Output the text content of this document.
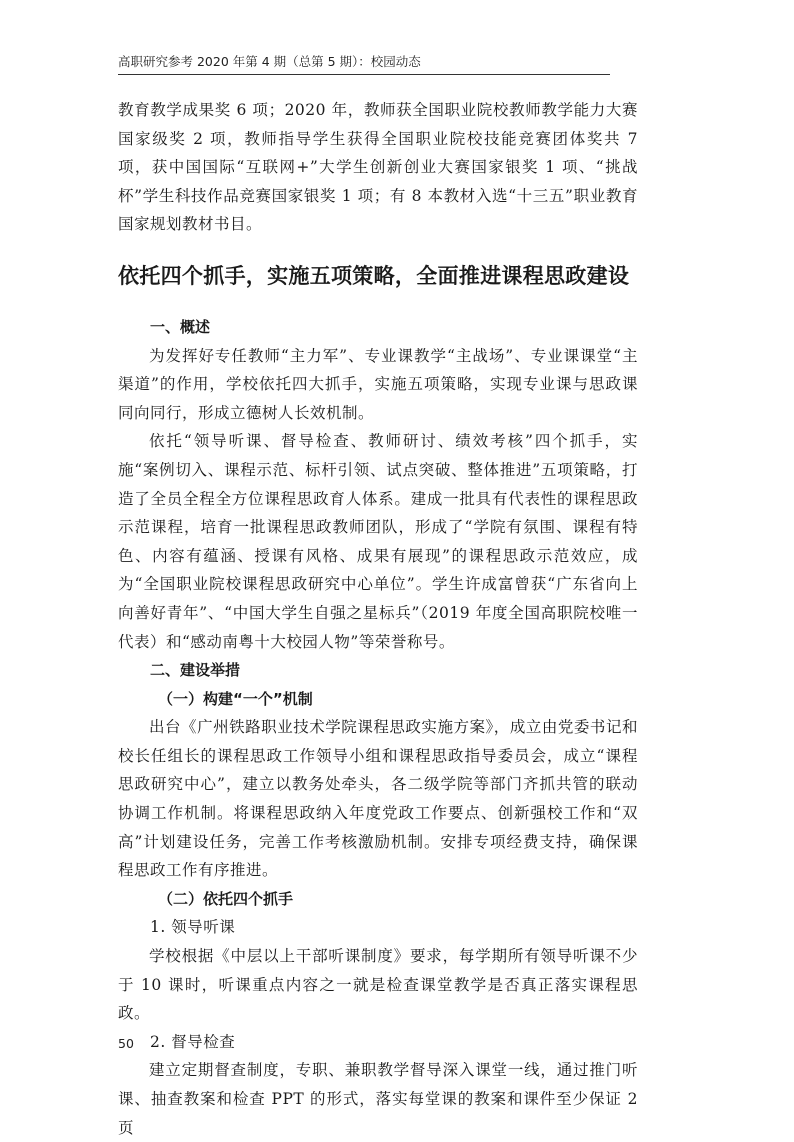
高职研究参考 2020 年第 4 期（总第 5 期）：校园动态

教育教学成果奖 6 项；2020 年，教师获全国职业院校教师教学能力大赛国家级奖 2 项，教师指导学生获得全国职业院校技能竞赛团体奖共 7 项，获中国国际“互联网+”大学生创新创业大赛国家银奖 1 项、“挑战杯”学生科技作品竞赛国家银奖 1 项；有 8 本教材入选“十三五”职业教育国家规划教材书目。

依托四个抓手，实施五项策略，全面推进课程思政建设
一、概述

为发挥好专任教师“主力军”、专业课教学“主战场”、专业课课堂“主渠道”的作用，学校依托四大抓手，实施五项策略，实现专业课与思政课同向同行，形成立德树人长效机制。

依托“领导听课、督导检查、教师研讨、绩效考核”四个抓手，实施“案例切入、课程示范、标杆引领、试点突破、整体推进”五项策略，打造了全员全程全方位课程思政育人体系。建成一批具有代表性的课程思政示范课程，培育一批课程思政教师团队，形成了“学院有氛围、课程有特色、内容有蕴涵、授课有风格、成果有展现”的课程思政示范效应，成为“全国职业院校课程思政研究中心单位”。学生许成富曾获“广东省向上向善好青年”、“中国大学生自强之星标兵”（2019 年度全国高职院校唯一代表）和“感动南粤十大校园人物”等荣誉称号。

二、建设举措
（一）构建“一个”机制

出台《广州铁路职业技术学院课程思政实施方案》，成立由党委书记和校长任组长的课程思政工作领导小组和课程思政指导委员会，成立“课程思政研究中心”，建立以教务处牵头，各二级学院等部门齐抓共管的联动协调工作机制。将课程思政纳入年度党政工作要点、创新强校工作和“双高”计划建设任务，完善工作考核激励机制。安排专项经费支持，确保课程思政工作有序推进。

（二）依托四个抓手

1. 领导听课

学校根据《中层以上干部听课制度》要求，每学期所有领导听课不少于 10 课时，听课重点内容之一就是检查课堂教学是否真正落实课程思政。

2. 督导检查

建立定期督查制度，专职、兼职教学督导深入课堂一线，通过推门听课、抽查教案和检查 PPT 的形式，落实每堂课的教案和课件至少保证 2 页

50
